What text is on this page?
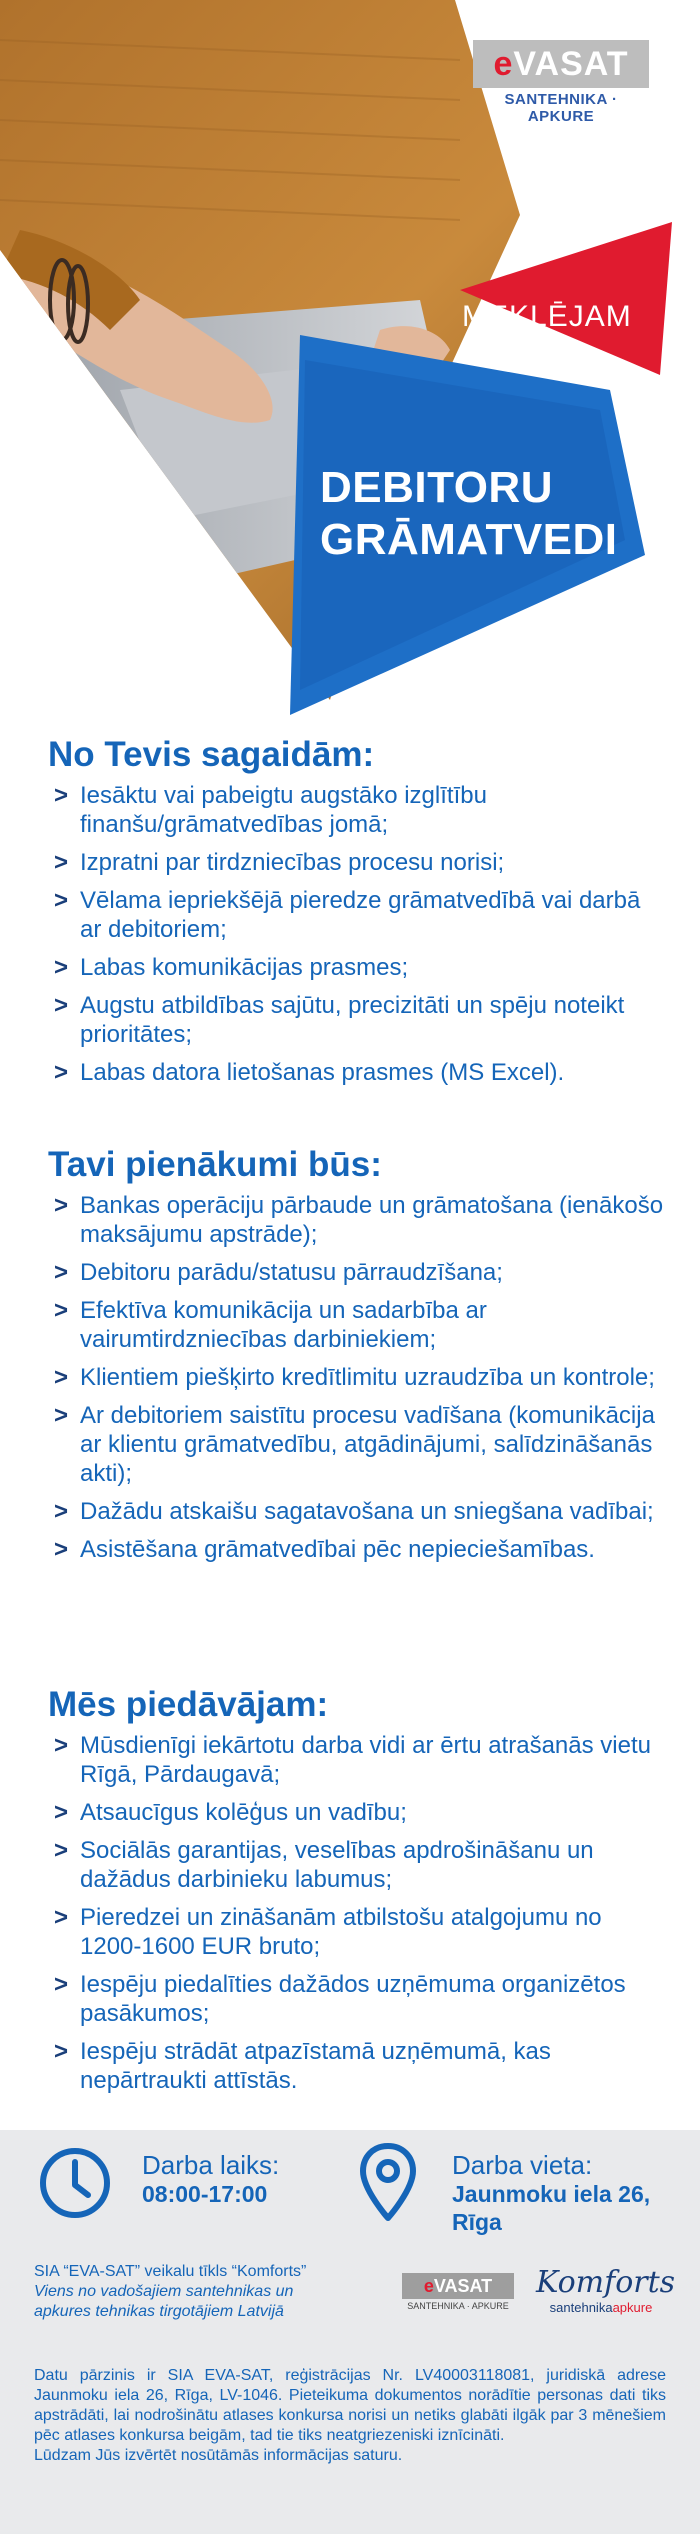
e VASAT
SANTEHNIKA · APKURE
MEKLĒJAM
DEBITORU
GRĀMATVEDI
No Tevis sagaidām:
> Iesāktu vai pabeigtu augstāko izglītību finanšu/grāmatvedības jomā;
> Izpratni par tirdzniecības procesu norisi;
> Vēlama iepriekšējā pieredze grāmatvedībā vai darbā ar debitoriem;
> Labas komunikācijas prasmes;
> Augstu atbildības sajūtu, precizitāti un spēju noteikt prioritātes;
> Labas datora lietošanas prasmes (MS Excel).
Tavi pienākumi būs:
> Bankas operāciju pārbaude un grāmatošana (ienākošo maksājumu apstrāde);
> Debitoru parādu/statusu pārraudzīšana;
> Efektīva komunikācija un sadarbība ar vairumtirdzniecības darbiniekiem;
> Klientiem piešķirto kredītlimitu uzraudzība un kontrole;
> Ar debitoriem saistītu procesu vadīšana (komunikācija ar klientu grāmatvedību, atgādinājumi, salīdzināšanās akti);
> Dažādu atskaišu sagatavošana un sniegšana vadībai;
> Asistēšana grāmatvedībai pēc nepieciešamības.
Mēs piedāvājam:
> Mūsdienīgi iekārtotu darba vidi ar ērtu atrašanās vietu Rīgā, Pārdaugavā;
> Atsaucīgus kolēģus un vadību;
> Sociālās garantijas, veselības apdrošināšanu un dažādus darbinieku labumus;
> Pieredzei un zināšanām atbilstošu atalgojumu no 1200-1600 EUR bruto;
> Iespēju piedalīties dažādos uzņēmuma organizētos pasākumos;
> Iespēju strādāt atpazīstamā uzņēmumā, kas nepārtraukti attīstās.
Darba laiks:
08:00-17:00
Darba vieta:
Jaunmoku iela 26,
Rīga
SIA “EVA-SAT” veikalu tīkls “Komforts”
Viens no vadošajiem santehnikas un
apkures tehnikas tirgotājiem Latvijā
e VASAT
SANTEHNIKA · APKURE
Komforts
santehnikaapkure
Datu pārzinis ir SIA EVA-SAT, reģistrācijas Nr. LV40003118081, juridiskā adrese Jaunmoku iela 26, Rīga, LV-1046. Pieteikuma dokumentos norādītie personas dati tiks apstrādāti, lai nodrošinātu atlases konkursa norisi un netiks glabāti ilgāk par 3 mēnešiem pēc atlases konkursa beigām, tad tie tiks neatgriezeniski iznīcināti.
Lūdzam Jūs izvērtēt nosūtāmās informācijas saturu.
